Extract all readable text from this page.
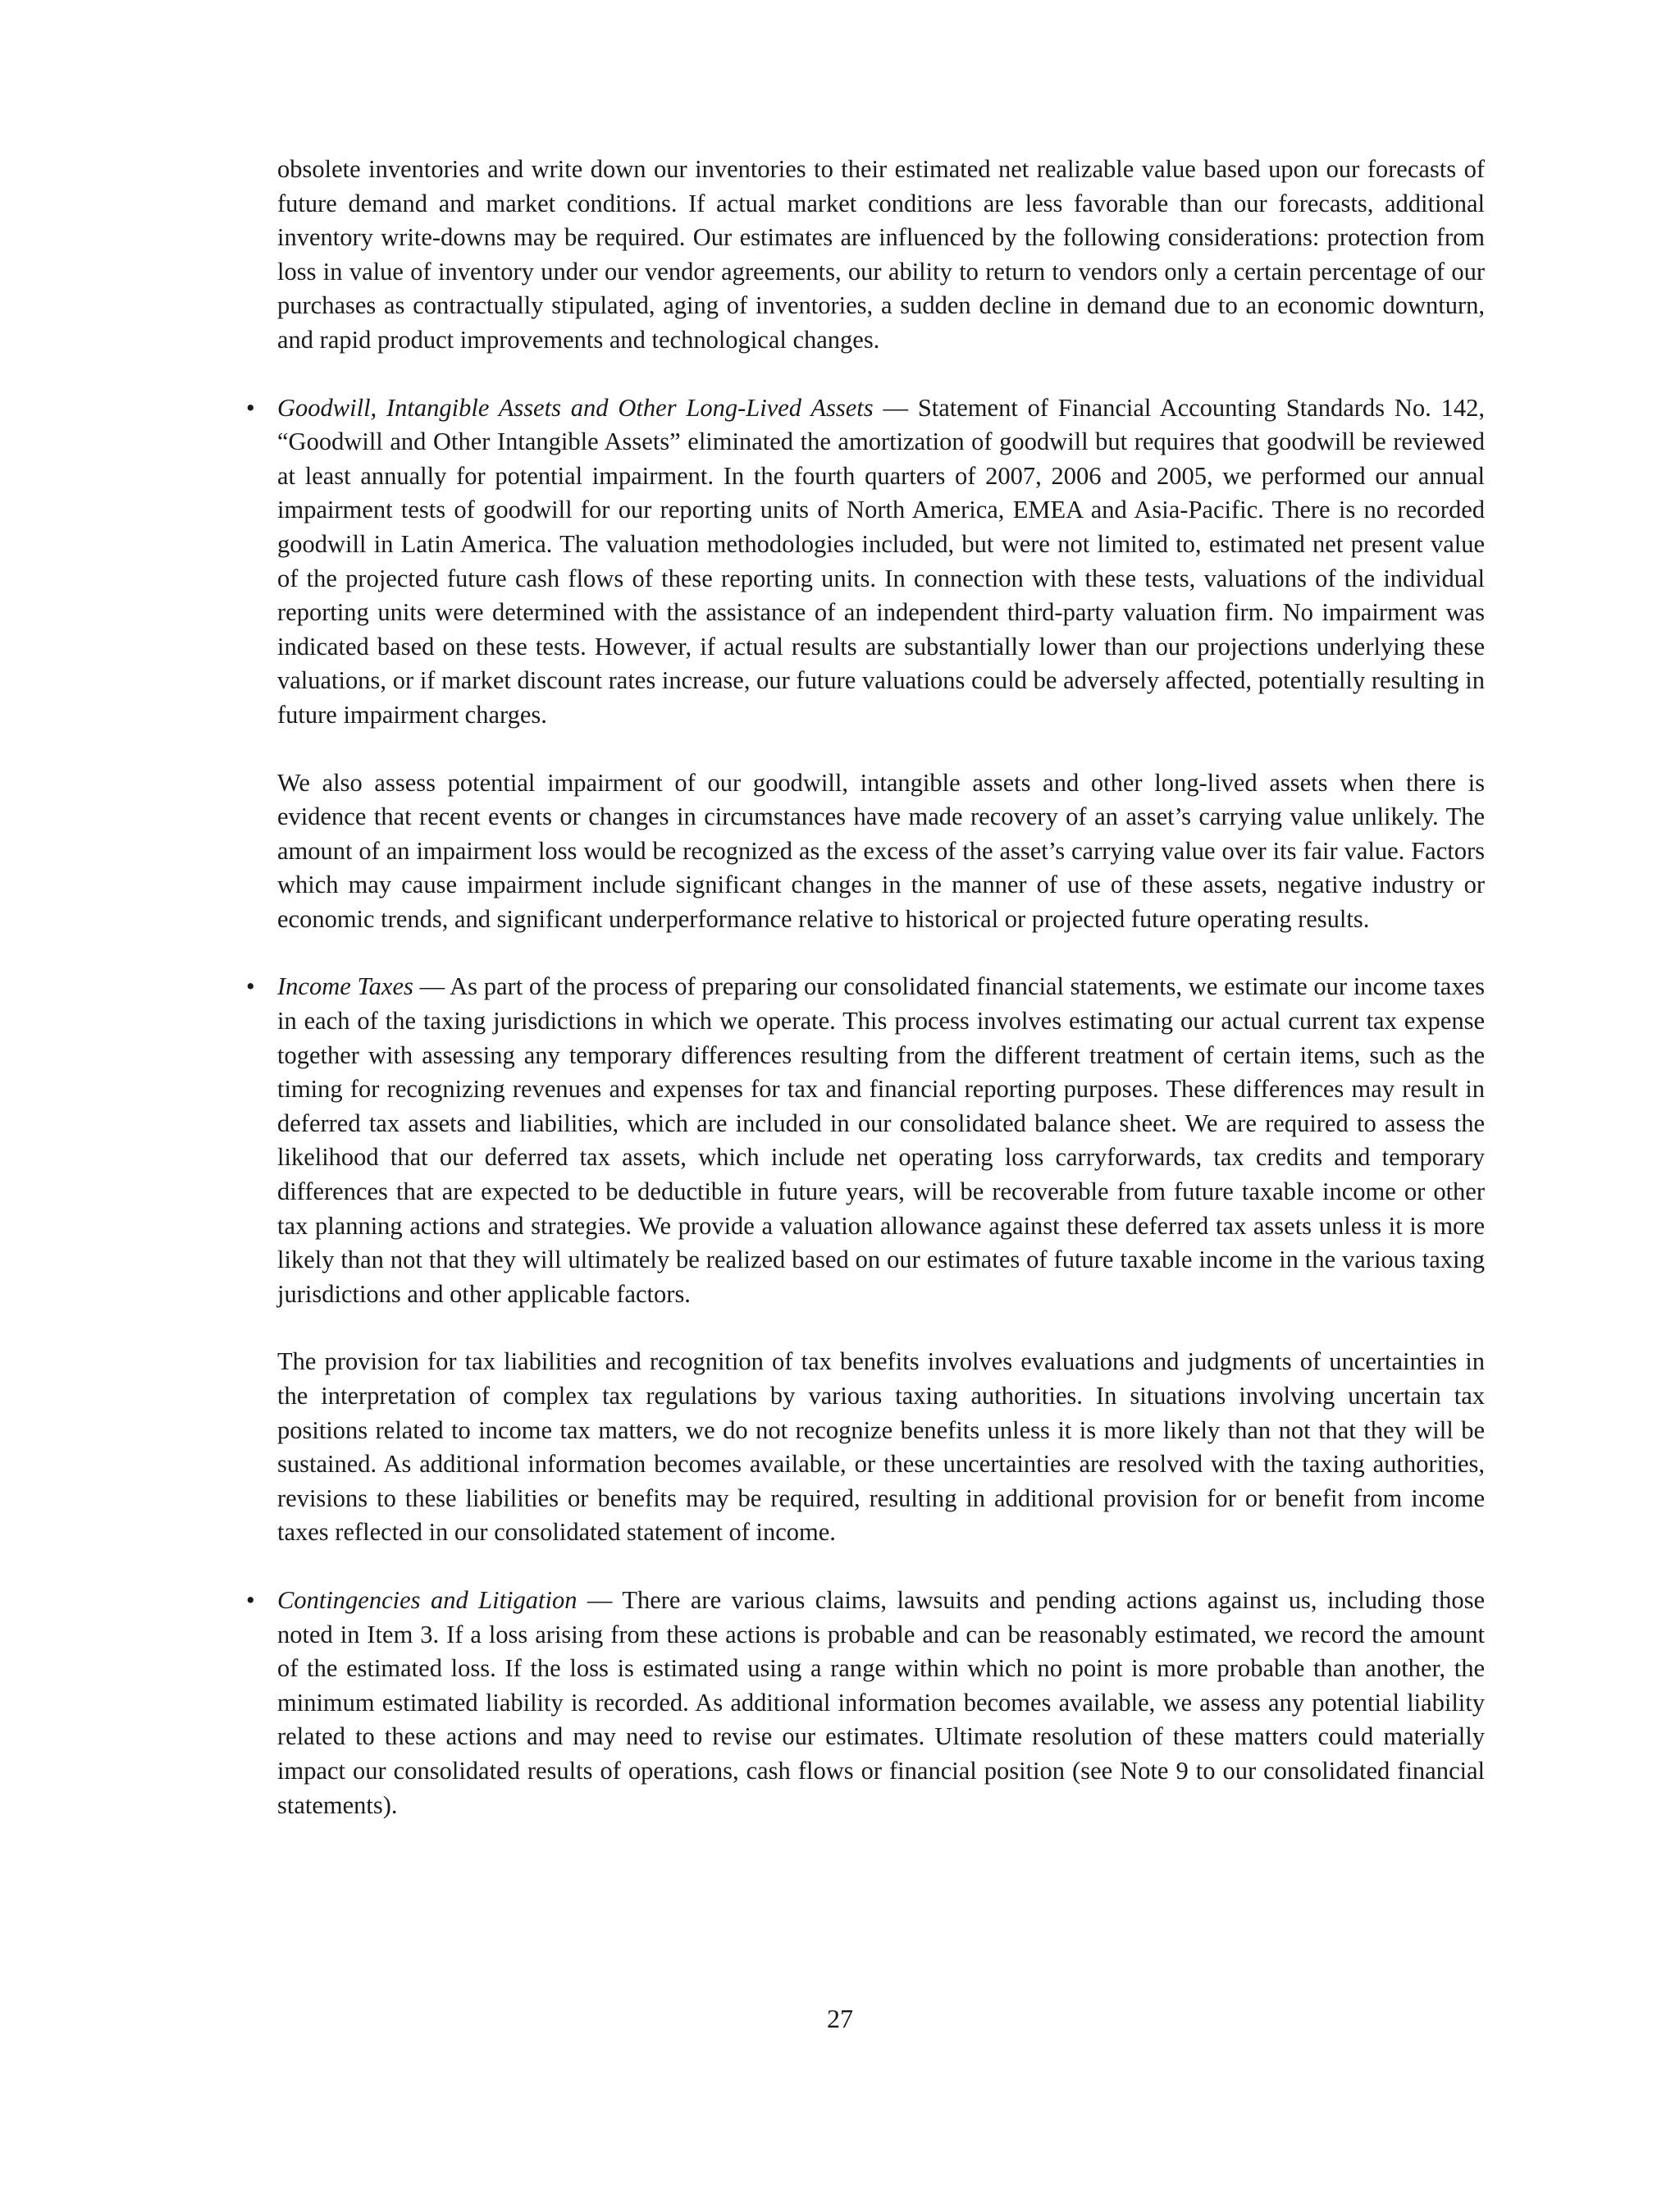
obsolete inventories and write down our inventories to their estimated net realizable value based upon our forecasts of future demand and market conditions. If actual market conditions are less favorable than our forecasts, additional inventory write-downs may be required. Our estimates are influenced by the following considerations: protection from loss in value of inventory under our vendor agreements, our ability to return to vendors only a certain percentage of our purchases as contractually stipulated, aging of inventories, a sudden decline in demand due to an economic downturn, and rapid product improvements and technological changes.

• Goodwill, Intangible Assets and Other Long-Lived Assets — Statement of Financial Accounting Standards No. 142, “Goodwill and Other Intangible Assets” eliminated the amortization of goodwill but requires that goodwill be reviewed at least annually for potential impairment. In the fourth quarters of 2007, 2006 and 2005, we performed our annual impairment tests of goodwill for our reporting units of North America, EMEA and Asia-Pacific. There is no recorded goodwill in Latin America. The valuation methodologies included, but were not limited to, estimated net present value of the projected future cash flows of these reporting units. In connection with these tests, valuations of the individual reporting units were determined with the assistance of an independent third-party valuation firm. No impairment was indicated based on these tests. However, if actual results are substantially lower than our projections underlying these valuations, or if market discount rates increase, our future valuations could be adversely affected, potentially resulting in future impairment charges.

We also assess potential impairment of our goodwill, intangible assets and other long-lived assets when there is evidence that recent events or changes in circumstances have made recovery of an asset’s carrying value unlikely. The amount of an impairment loss would be recognized as the excess of the asset’s carrying value over its fair value. Factors which may cause impairment include significant changes in the manner of use of these assets, negative industry or economic trends, and significant underperformance relative to historical or projected future operating results.

• Income Taxes — As part of the process of preparing our consolidated financial statements, we estimate our income taxes in each of the taxing jurisdictions in which we operate. This process involves estimating our actual current tax expense together with assessing any temporary differences resulting from the different treatment of certain items, such as the timing for recognizing revenues and expenses for tax and financial reporting purposes. These differences may result in deferred tax assets and liabilities, which are included in our consolidated balance sheet. We are required to assess the likelihood that our deferred tax assets, which include net operating loss carryforwards, tax credits and temporary differences that are expected to be deductible in future years, will be recoverable from future taxable income or other tax planning actions and strategies. We provide a valuation allowance against these deferred tax assets unless it is more likely than not that they will ultimately be realized based on our estimates of future taxable income in the various taxing jurisdictions and other applicable factors.

The provision for tax liabilities and recognition of tax benefits involves evaluations and judgments of uncertainties in the interpretation of complex tax regulations by various taxing authorities. In situations involving uncertain tax positions related to income tax matters, we do not recognize benefits unless it is more likely than not that they will be sustained. As additional information becomes available, or these uncertainties are resolved with the taxing authorities, revisions to these liabilities or benefits may be required, resulting in additional provision for or benefit from income taxes reflected in our consolidated statement of income.

• Contingencies and Litigation — There are various claims, lawsuits and pending actions against us, including those noted in Item 3. If a loss arising from these actions is probable and can be reasonably estimated, we record the amount of the estimated loss. If the loss is estimated using a range within which no point is more probable than another, the minimum estimated liability is recorded. As additional information becomes available, we assess any potential liability related to these actions and may need to revise our estimates. Ultimate resolution of these matters could materially impact our consolidated results of operations, cash flows or financial position (see Note 9 to our consolidated financial statements).

27
